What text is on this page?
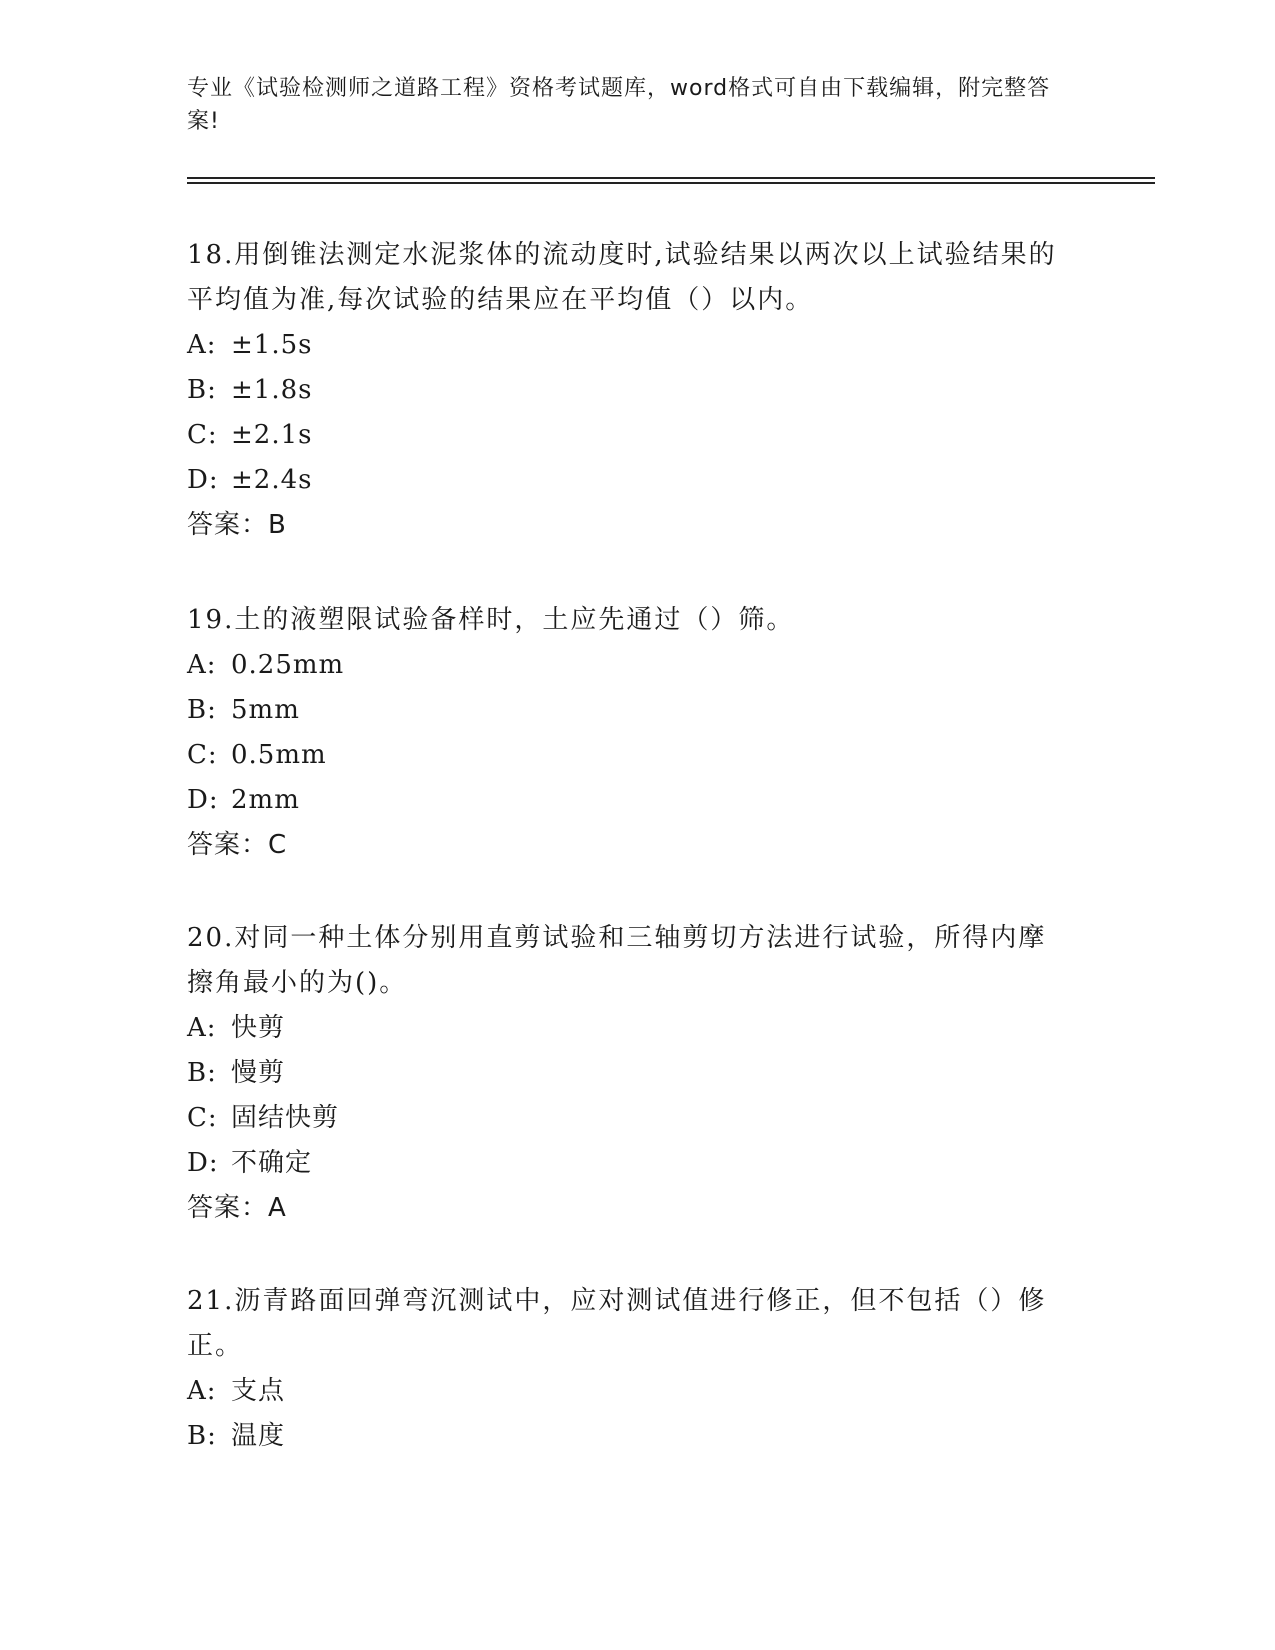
专业《试验检测师之道路工程》资格考试题库，word格式可自由下载编辑，附完整答案!

18.用倒锥法测定水泥浆体的流动度时,试验结果以两次以上试验结果的平均值为准,每次试验的结果应在平均值（）以内。

A: ±1.5s

B: ±1.8s

C: ±2.1s

D: ±2.4s

答案：B

19.土的液塑限试验备样时，土应先通过（）筛。

A: 0.25mm

B: 5mm

C: 0.5mm

D: 2mm

答案：C

20.对同一种土体分别用直剪试验和三轴剪切方法进行试验，所得内摩擦角最小的为()。

A: 快剪

B: 慢剪

C: 固结快剪

D: 不确定

答案：A

21.沥青路面回弹弯沉测试中，应对测试值进行修正，但不包括（）修正。

A: 支点

B: 温度
